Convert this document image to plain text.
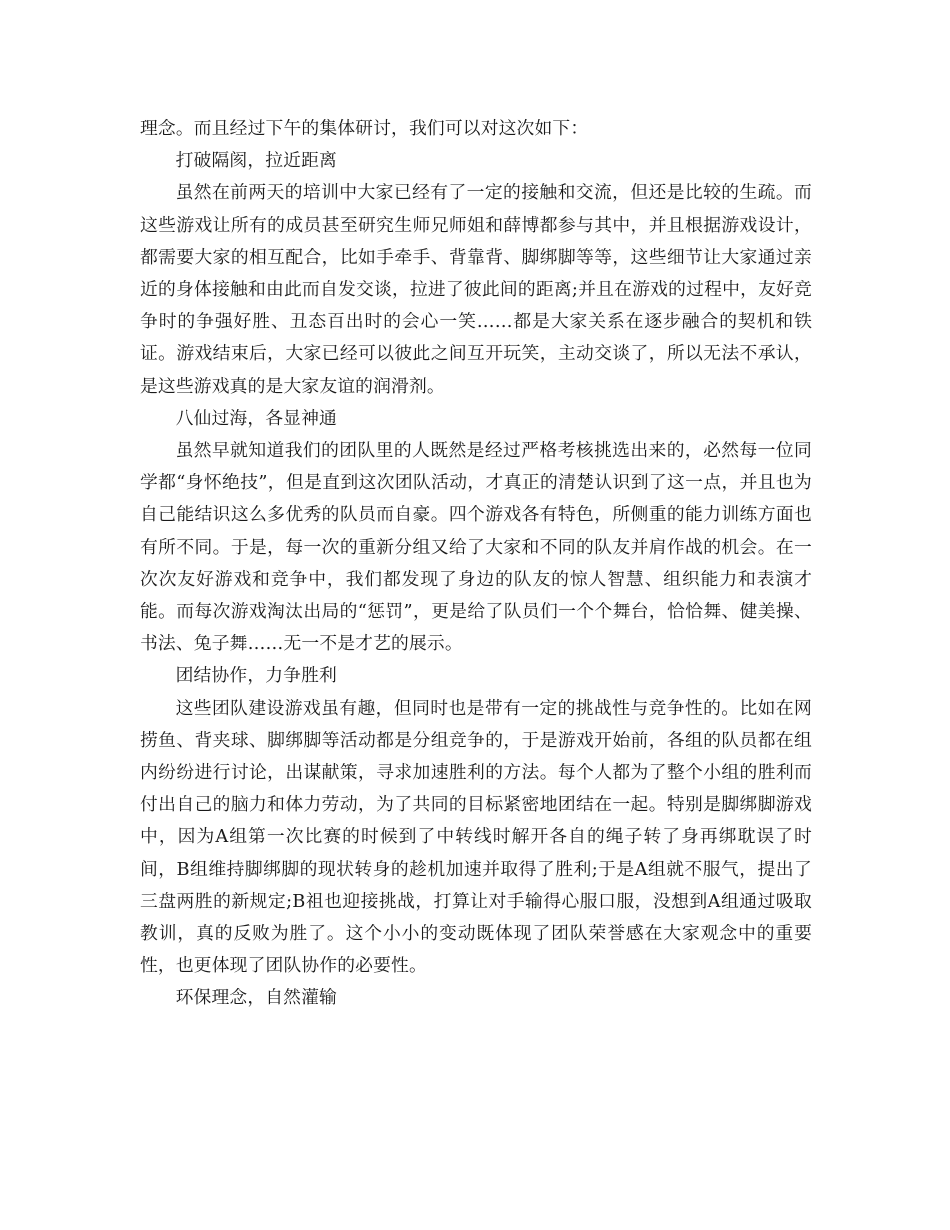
理念。而且经过下午的集体研讨，我们可以对这次如下：

打破隔阂，拉近距离

虽然在前两天的培训中大家已经有了一定的接触和交流，但还是比较的生疏。而这些游戏让所有的成员甚至研究生师兄师姐和薛博都参与其中，并且根据游戏设计，都需要大家的相互配合，比如手牵手、背靠背、脚绑脚等等，这些细节让大家通过亲近的身体接触和由此而自发交谈，拉进了彼此间的距离;并且在游戏的过程中，友好竞争时的争强好胜、丑态百出时的会心一笑……都是大家关系在逐步融合的契机和铁证。游戏结束后，大家已经可以彼此之间互开玩笑，主动交谈了，所以无法不承认，是这些游戏真的是大家友谊的润滑剂。

八仙过海，各显神通

虽然早就知道我们的团队里的人既然是经过严格考核挑选出来的，必然每一位同学都“身怀绝技”，但是直到这次团队活动，才真正的清楚认识到了这一点，并且也为自己能结识这么多优秀的队员而自豪。四个游戏各有特色，所侧重的能力训练方面也有所不同。于是，每一次的重新分组又给了大家和不同的队友并肩作战的机会。在一次次友好游戏和竞争中，我们都发现了身边的队友的惊人智慧、组织能力和表演才能。而每次游戏淘汰出局的“惩罚”，更是给了队员们一个个舞台，恰恰舞、健美操、书法、兔子舞……无一不是才艺的展示。

团结协作，力争胜利

这些团队建设游戏虽有趣，但同时也是带有一定的挑战性与竞争性的。比如在网捞鱼、背夹球、脚绑脚等活动都是分组竞争的，于是游戏开始前，各组的队员都在组内纷纷进行讨论，出谋献策，寻求加速胜利的方法。每个人都为了整个小组的胜利而付出自己的脑力和体力劳动，为了共同的目标紧密地团结在一起。特别是脚绑脚游戏中，因为A组第一次比赛的时候到了中转线时解开各自的绳子转了身再绑耽误了时间，B组维持脚绑脚的现状转身的趁机加速并取得了胜利;于是A组就不服气，提出了三盘两胜的新规定;B祖也迎接挑战，打算让对手输得心服口服，没想到A组通过吸取教训，真的反败为胜了。这个小小的变动既体现了团队荣誉感在大家观念中的重要性，也更体现了团队协作的必要性。

环保理念，自然灌输
